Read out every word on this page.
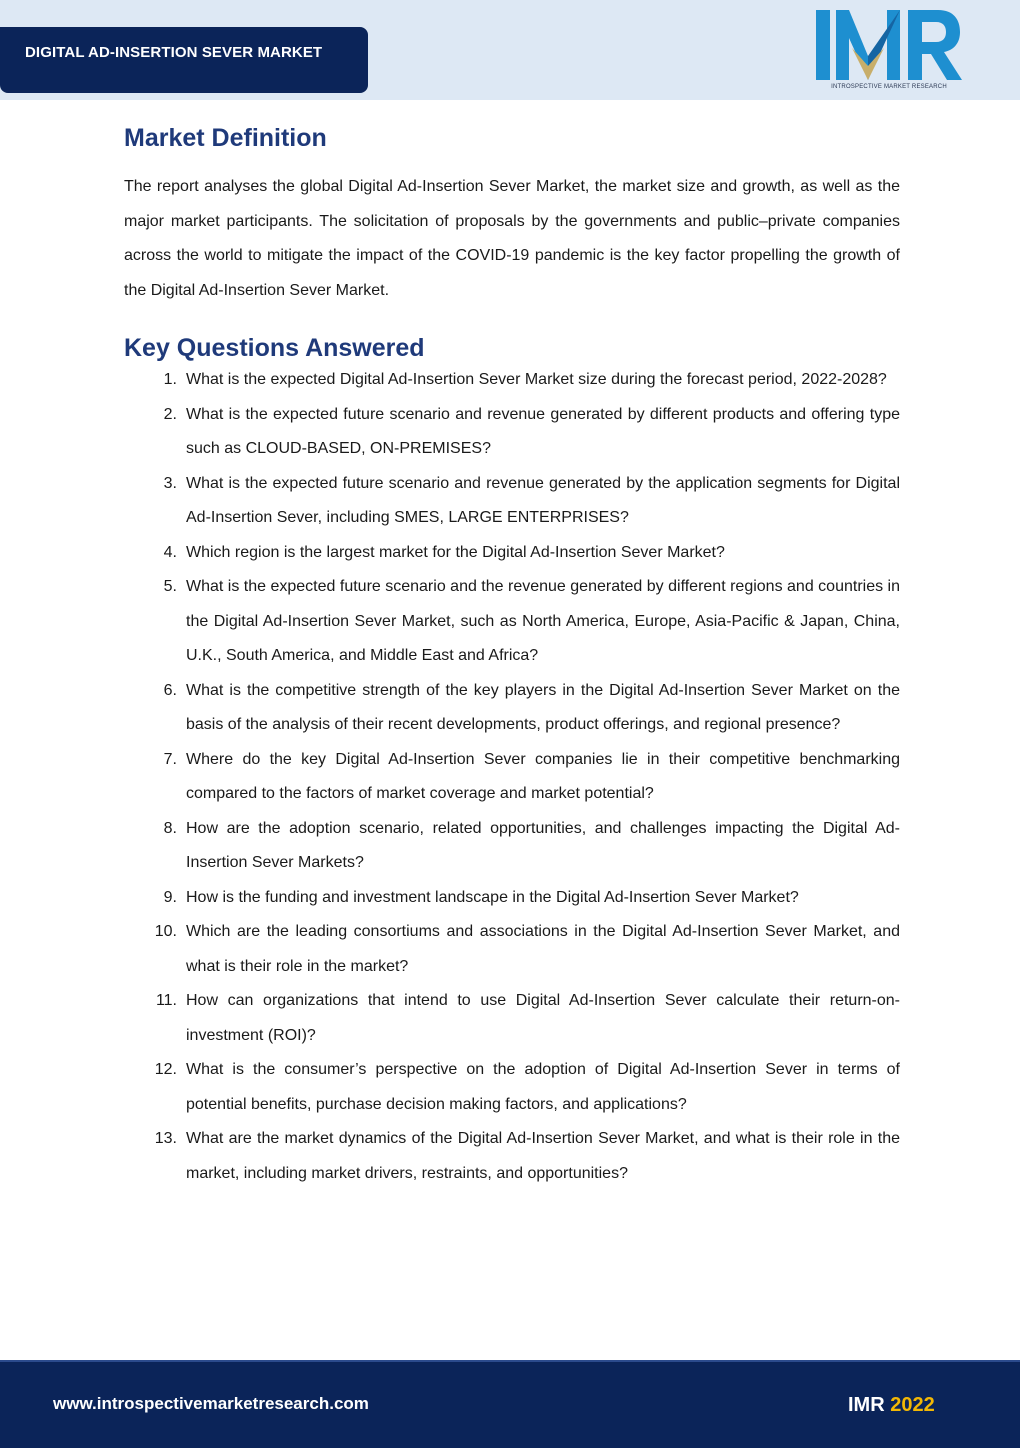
DIGITAL AD-INSERTION SEVER MARKET
INTROSPECTIVE MARKET RESEARCH
Market Definition

The report analyses the global Digital Ad-Insertion Sever Market, the market size and growth, as well as the major market participants. The solicitation of proposals by the governments and public–private companies across the world to mitigate the impact of the COVID-19 pandemic is the key factor propelling the growth of the Digital Ad-Insertion Sever Market.

Key Questions Answered
1. What is the expected Digital Ad-Insertion Sever Market size during the forecast period, 2022-2028?
2. What is the expected future scenario and revenue generated by different products and offering type such as CLOUD-BASED, ON-PREMISES?
3. What is the expected future scenario and revenue generated by the application segments for Digital Ad-Insertion Sever, including SMES, LARGE ENTERPRISES?
4. Which region is the largest market for the Digital Ad-Insertion Sever Market?
5. What is the expected future scenario and the revenue generated by different regions and countries in the Digital Ad-Insertion Sever Market, such as North America, Europe, Asia-Pacific & Japan, China, U.K., South America, and Middle East and Africa?
6. What is the competitive strength of the key players in the Digital Ad-Insertion Sever Market on the basis of the analysis of their recent developments, product offerings, and regional presence?
7. Where do the key Digital Ad-Insertion Sever companies lie in their competitive benchmarking compared to the factors of market coverage and market potential?
8. How are the adoption scenario, related opportunities, and challenges impacting the Digital Ad-Insertion Sever Markets?
9. How is the funding and investment landscape in the Digital Ad-Insertion Sever Market?
10. Which are the leading consortiums and associations in the Digital Ad-Insertion Sever Market, and what is their role in the market?
11. How can organizations that intend to use Digital Ad-Insertion Sever calculate their return-on-investment (ROI)?
12. What is the consumer’s perspective on the adoption of Digital Ad-Insertion Sever in terms of potential benefits, purchase decision making factors, and applications?
13. What are the market dynamics of the Digital Ad-Insertion Sever Market, and what is their role in the market, including market drivers, restraints, and opportunities?
www.introspectivemarketresearch.com	IMR 2022
